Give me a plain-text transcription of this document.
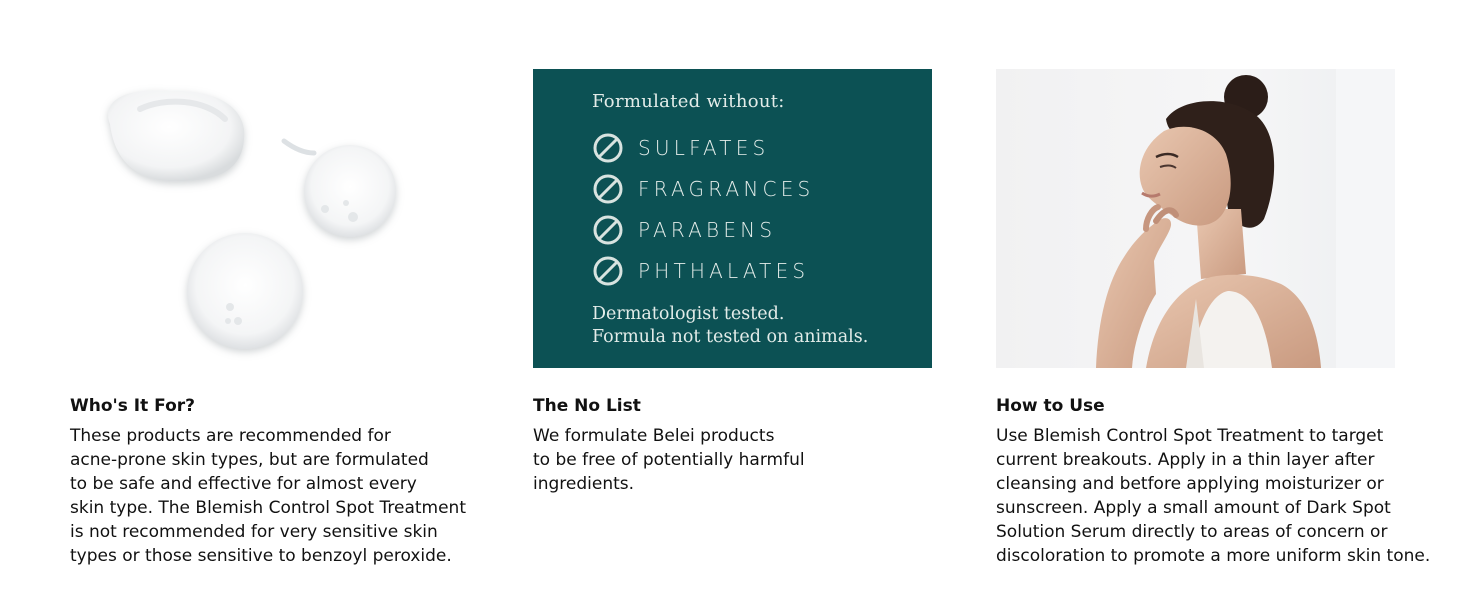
Formulated without:
SULFATES
FRAGRANCES
PARABENS
PHTHALATES
Dermatologist tested.
Formula not tested on animals.
Who's It For?

These products are recommended for
acne-prone skin types, but are formulated
to be safe and effective for almost every
skin type. The Blemish Control Spot Treatment
is not recommended for very sensitive skin
types or those sensitive to benzoyl peroxide.

The No List

We formulate Belei products
to be free of potentially harmful
ingredients.

How to Use

Use Blemish Control Spot Treatment to target
current breakouts. Apply in a thin layer after
cleansing and betfore applying moisturizer or
sunscreen. Apply a small amount of Dark Spot
Solution Serum directly to areas of concern or
discoloration to promote a more uniform skin tone.
